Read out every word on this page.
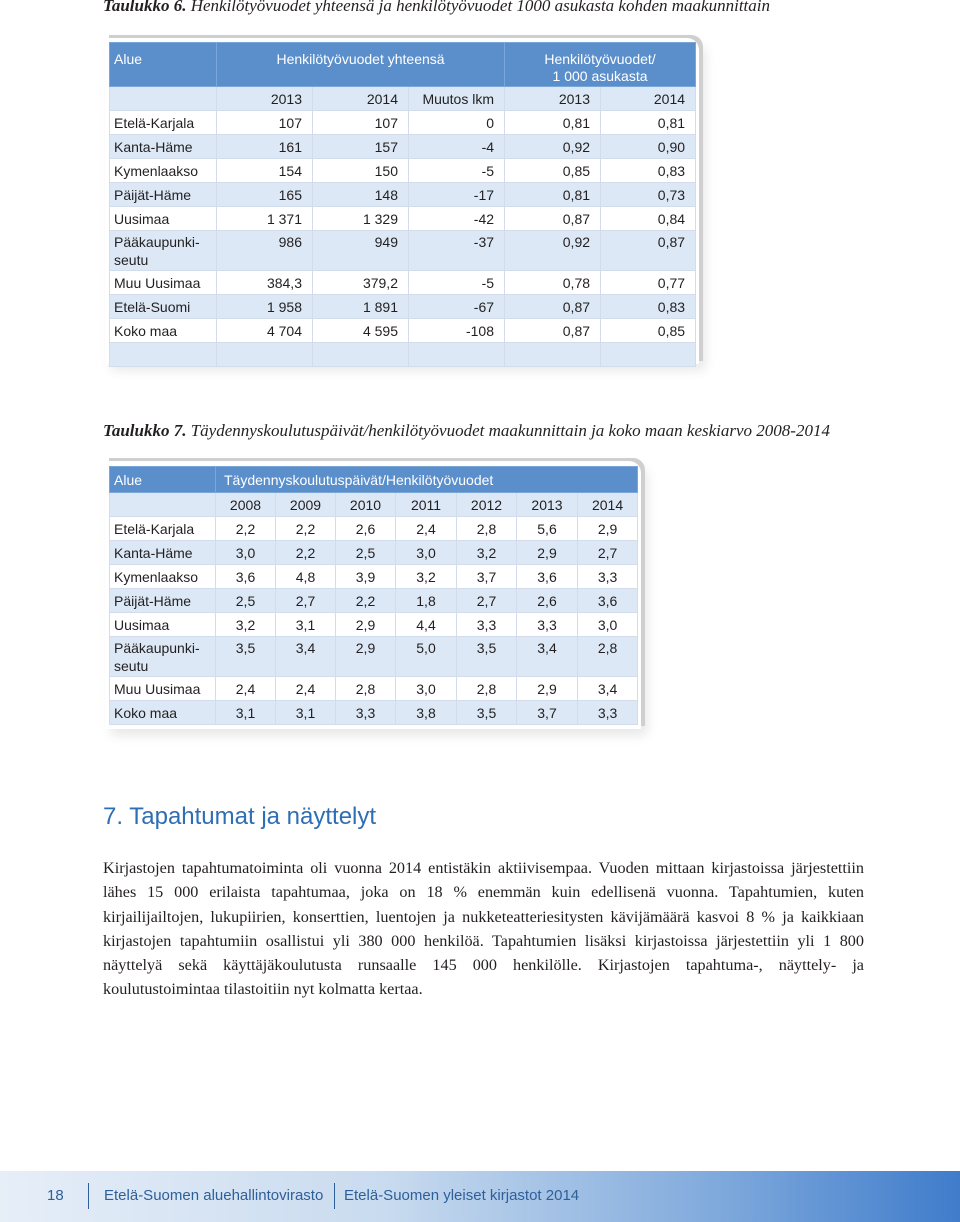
Taulukko 6. Henkilötyövuodet yhteensä ja henkilötyövuodet 1000 asukasta kohden maakunnittain
Alue	Henkilötyövuodet yhteensä			Henkilötyövuodet/
1 000 asukasta	
	2013	2014	Muutos lkm	2013	2014
Etelä-Karjala	107	107	0	0,81	0,81
Kanta-Häme	161	157	-4	0,92	0,90
Kymenlaakso	154	150	-5	0,85	0,83
Päijät-Häme	165	148	-17	0,81	0,73
Uusimaa	1 371	1 329	-42	0,87	0,84
Pääkaupunki-seutu	986	949	-37	0,92	0,87
Muu Uusimaa	384,3	379,2	-5	0,78	0,77
Etelä-Suomi	1 958	1 891	-67	0,87	0,83
Koko maa	4 704	4 595	-108	0,87	0,85

Taulukko 7. Täydennyskoulutuspäivät/henkilötyövuodet maakunnittain ja koko maan keskiarvo 2008-2014
Alue	Täydennyskoulutuspäivät/Henkilötyövuodet						
	2008	2009	2010	2011	2012	2013	2014
Etelä-Karjala	2,2	2,2	2,6	2,4	2,8	5,6	2,9
Kanta-Häme	3,0	2,2	2,5	3,0	3,2	2,9	2,7
Kymenlaakso	3,6	4,8	3,9	3,2	3,7	3,6	3,3
Päijät-Häme	2,5	2,7	2,2	1,8	2,7	2,6	3,6
Uusimaa	3,2	3,1	2,9	4,4	3,3	3,3	3,0
Pääkaupunki-seutu	3,5	3,4	2,9	5,0	3,5	3,4	2,8
Muu Uusimaa	2,4	2,4	2,8	3,0	2,8	2,9	3,4
Koko maa	3,1	3,1	3,3	3,8	3,5	3,7	3,3
7. Tapahtumat ja näyttelyt
Kirjastojen tapahtumatoiminta oli vuonna 2014 entistäkin aktiivisempaa. Vuoden mittaan kirjastoissa järjestettiin lähes 15 000 erilaista tapahtumaa, joka on 18 % enemmän kuin edellisenä vuonna. Tapahtumien, kuten kirjailijailtojen, lukupiirien, konserttien, luentojen ja nukketeatteriesitysten kävijämäärä kasvoi 8 % ja kaikkiaan kirjastojen tapahtumiin osallistui yli 380 000 henkilöä. Tapahtumien lisäksi kirjastoissa järjestettiin yli 1 800 näyttelyä sekä käyttäjäkoulutusta runsaalle 145 000 henkilölle. Kirjastojen tapahtuma-, näyttely- ja koulutustoimintaa tilastoitiin nyt kolmatta kertaa.
18	Etelä-Suomen aluehallintovirasto Etelä-Suomen yleiset kirjastot 2014
